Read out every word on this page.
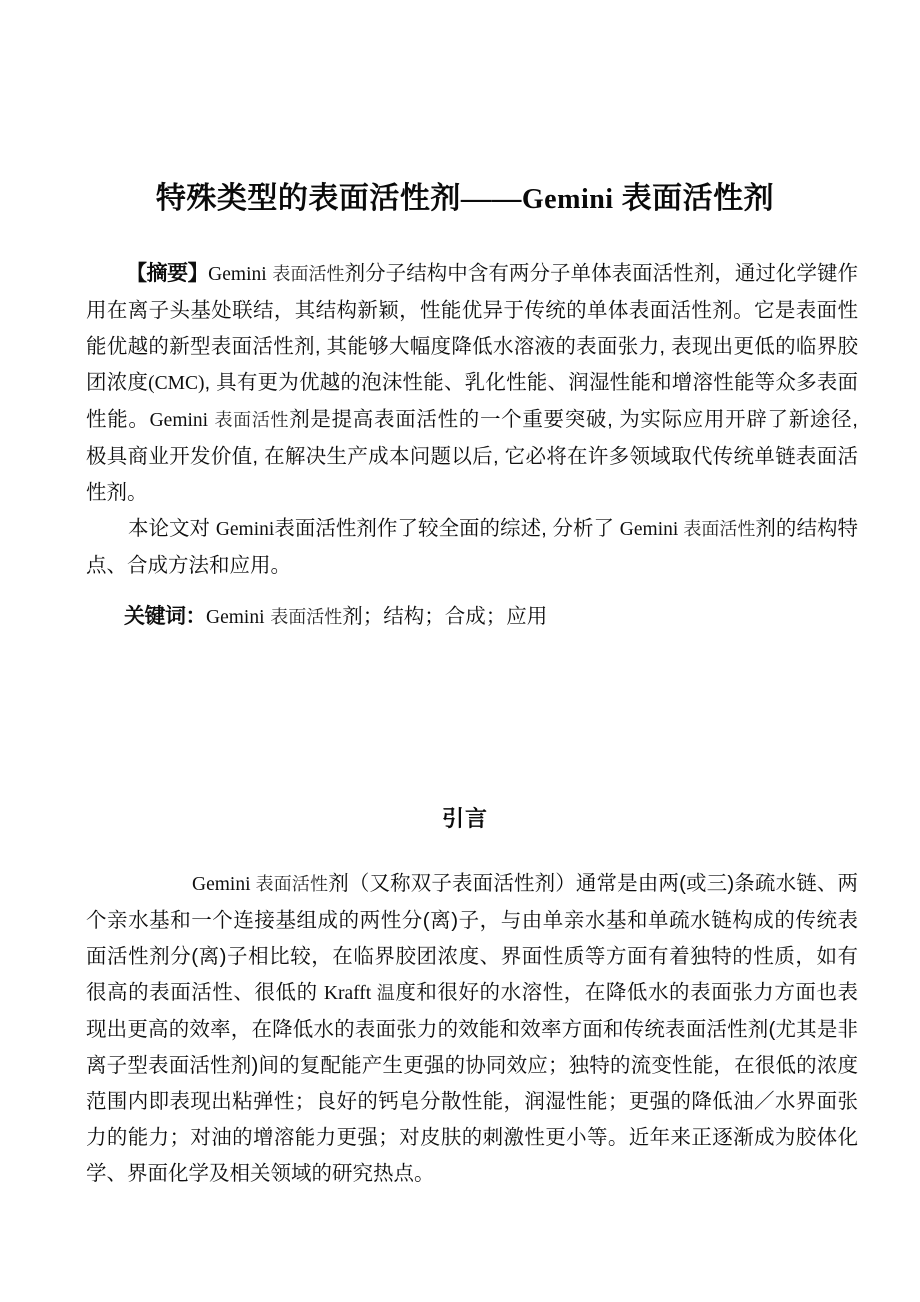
特殊类型的表面活性剂——Gemini 表面活性剂

【摘要】Gemini 表面活性剂分子结构中含有两分子单体表面活性剂，通过化学键作用在离子头基处联结，其结构新颖，性能优异于传统的单体表面活性剂。它是表面性能优越的新型表面活性剂, 其能够大幅度降低水溶液的表面张力, 表现出更低的临界胶团浓度(CMC), 具有更为优越的泡沫性能、乳化性能、润湿性能和增溶性能等众多表面性能。Gemini 表面活性剂是提高表面活性的一个重要突破, 为实际应用开辟了新途径, 极具商业开发价值, 在解决生产成本问题以后, 它必将在许多领域取代传统单链表面活性剂。

本论文对 Gemini表面活性剂作了较全面的综述, 分析了 Gemini 表面活性剂的结构特点、合成方法和应用。

关键词：Gemini 表面活性剂；结构；合成；应用
引言

Gemini 表面活性剂（又称双子表面活性剂）通常是由两(或三)条疏水链、两个亲水基和一个连接基组成的两性分(离)子，与由单亲水基和单疏水链构成的传统表面活性剂分(离)子相比较，在临界胶团浓度、界面性质等方面有着独特的性质，如有很高的表面活性、很低的 Krafft 温度和很好的水溶性，在降低水的表面张力方面也表现出更高的效率，在降低水的表面张力的效能和效率方面和传统表面活性剂(尤其是非离子型表面活性剂)间的复配能产生更强的协同效应；独特的流变性能，在很低的浓度范围内即表现出粘弹性；良好的钙皂分散性能，润湿性能；更强的降低油／水界面张力的能力；对油的增溶能力更强；对皮肤的刺激性更小等。近年来正逐渐成为胶体化学、界面化学及相关领域的研究热点。
